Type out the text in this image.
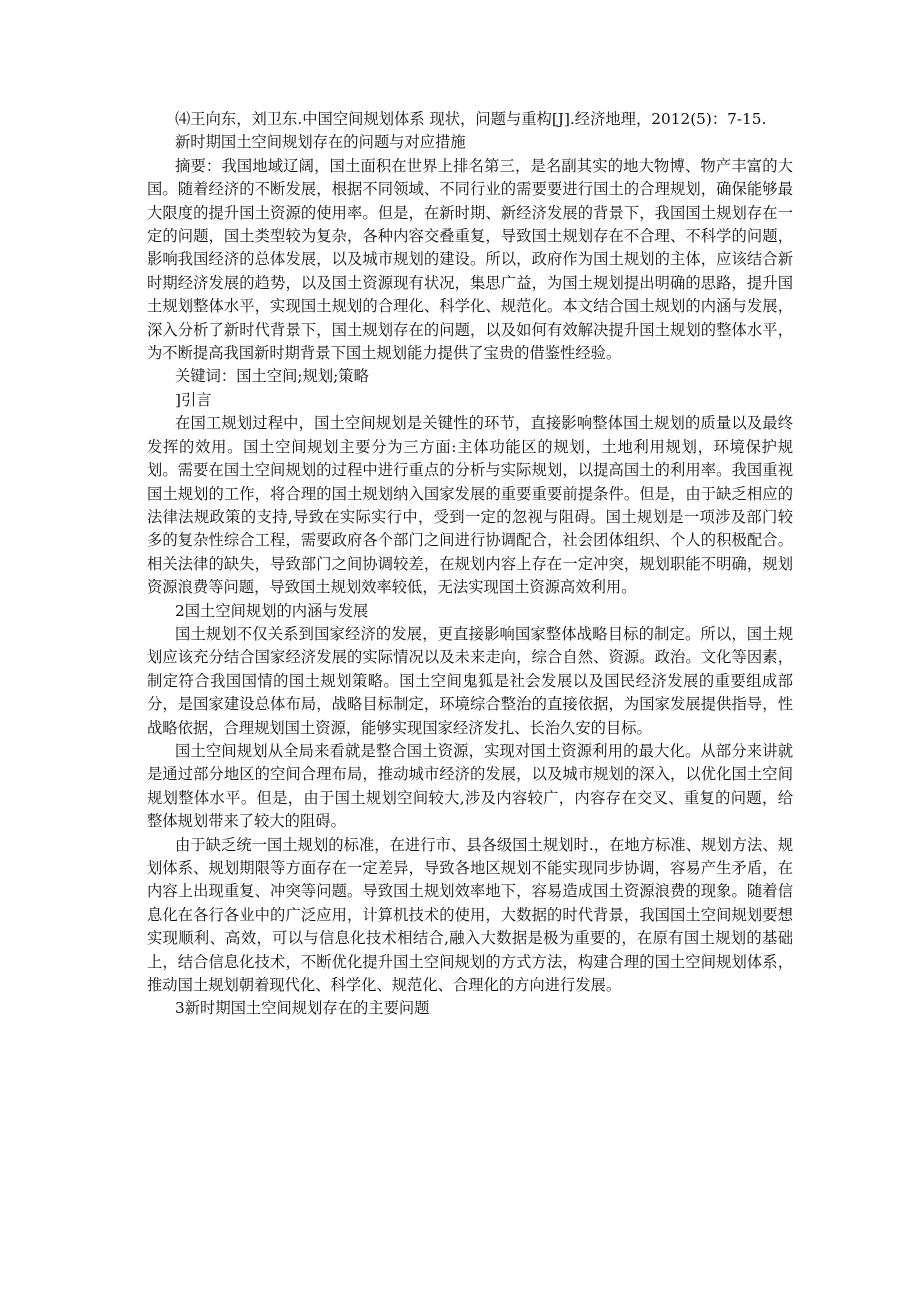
⑷王向东，刘卫东.中国空间规划体系 现状，问题与重构[J].经济地理，2012(5)：7-15.

新时期国土空间规划存在的问题与对应措施

摘要：我国地域辽阔，国土面积在世界上排名第三，是名副其实的地大物博、物产丰富的大国。随着经济的不断发展，根据不同领域、不同行业的需要要进行国土的合理规划，确保能够最大限度的提升国土资源的使用率。但是，在新时期、新经济发展的背景下，我国国土规划存在一定的问题，国土类型较为复杂，各种内容交叠重复，导致国土规划存在不合理、不科学的问题，影响我国经济的总体发展，以及城市规划的建设。所以，政府作为国土规划的主体，应该结合新时期经济发展的趋势，以及国土资源现有状况，集思广益，为国土规划提出明确的思路，提升国土规划整体水平，实现国土规划的合理化、科学化、规范化。本文结合国土规划的内涵与发展，深入分析了新时代背景下，国土规划存在的问题，以及如何有效解决提升国土规划的整体水平，为不断提高我国新时期背景下国土规划能力提供了宝贵的借鉴性经验。

关键词：国土空间;规划;策略

]引言

在国工规划过程中，国土空间规划是关键性的环节，直接影响整体国土规划的质量以及最终发挥的效用。国土空间规划主要分为三方面:主体功能区的规划，土地利用规划，环境保护规划。需要在国土空间规划的过程中进行重点的分析与实际规划，以提高国土的利用率。我国重视国土规划的工作，将合理的国土规划纳入国家发展的重要重要前提条件。但是，由于缺乏相应的法律法规政策的支持,导致在实际实行中，受到一定的忽视与阻碍。国土规划是一项涉及部门较多的复杂性综合工程，需要政府各个部门之间进行协调配合，社会团体组织、个人的积极配合。相关法律的缺失，导致部门之间协调较差，在规划内容上存在一定冲突，规划职能不明确，规划资源浪费等问题，导致国土规划效率较低，无法实现国土资源高效利用。

2国土空间规划的内涵与发展

国土规划不仅关系到国家经济的发展，更直接影响国家整体战略目标的制定。所以，国土规划应该充分结合国家经济发展的实际情况以及未来走向，综合自然、资源。政治。文化等因素，制定符合我国国情的国土规划策略。国土空间鬼狐是社会发展以及国民经济发展的重要组成部分，是国家建设总体布局，战略目标制定，环境综合整治的直接依据，为国家发展提供指导，性战略依据，合理规划国土资源，能够实现国家经济发扎、长治久安的目标。

国土空间规划从全局来看就是整合国土资源，实现对国土资源利用的最大化。从部分来讲就是通过部分地区的空间合理布局，推动城市经济的发展，以及城市规划的深入，以优化国土空间规划整体水平。但是，由于国土规划空间较大,涉及内容较广，内容存在交叉、重复的问题，给整体规划带来了较大的阻碍。

由于缺乏统一国土规划的标准，在进行市、县各级国土规划时.，在地方标准、规划方法、规划体系、规划期限等方面存在一定差异，导致各地区规划不能实现同步协调，容易产生矛盾，在内容上出现重复、冲突等问题。导致国土规划效率地下，容易造成国土资源浪费的现象。随着信息化在各行各业中的广泛应用，计算机技术的使用，大数据的时代背景，我国国土空间规划要想实现顺利、高效，可以与信息化技术相结合,融入大数据是极为重要的，在原有国土规划的基础上，结合信息化技术，不断优化提升国土空间规划的方式方法，构建合理的国土空间规划体系，推动国土规划朝着现代化、科学化、规范化、合理化的方向进行发展。

3新时期国土空间规划存在的主要问题
